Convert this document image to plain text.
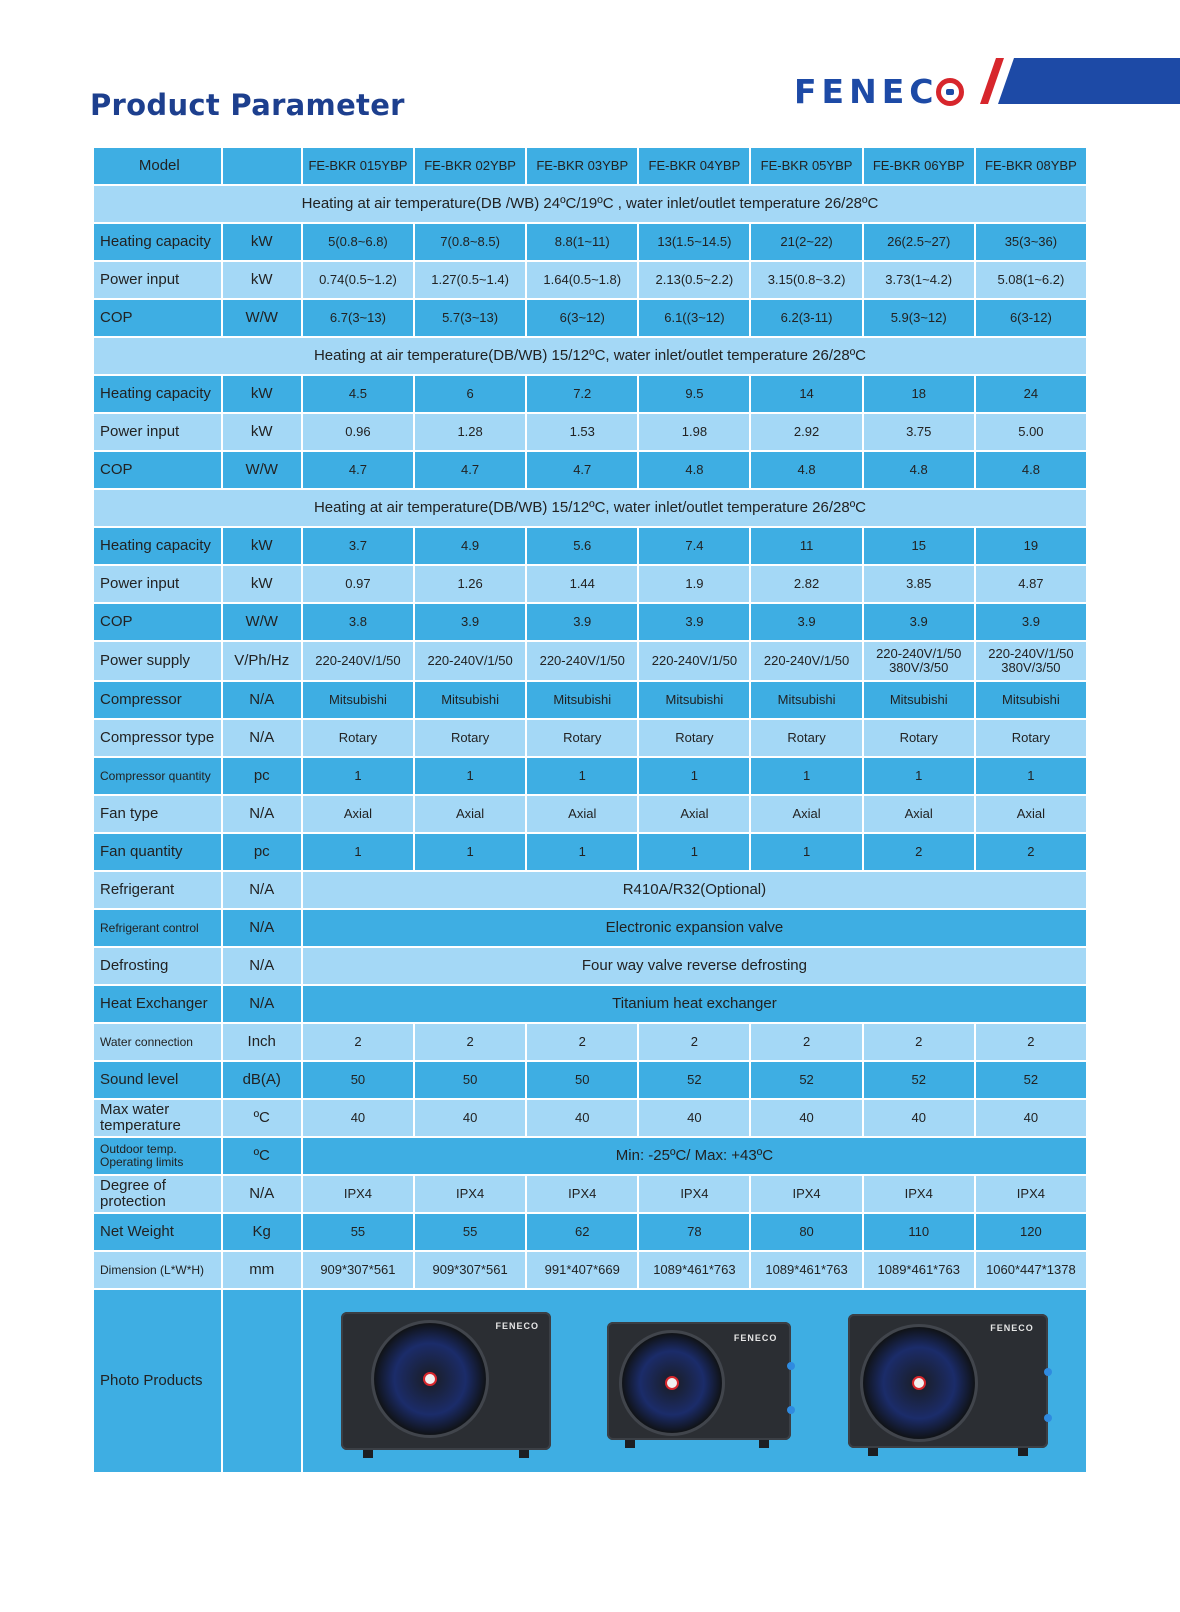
Product Parameter	FENEC
Model		FE-BKR 015YBP	FE-BKR 02YBP	FE-BKR 03YBP	FE-BKR 04YBP	FE-BKR 05YBP	FE-BKR 06YBP	FE-BKR 08YBP
Heating at air temperature(DB /WB) 24ºC/19ºC , water inlet/outlet temperature 26/28ºC								
Heating capacity	kW	5(0.8~6.8)	7(0.8~8.5)	8.8(1~11)	13(1.5~14.5)	21(2~22)	26(2.5~27)	35(3~36)
Power input	kW	0.74(0.5~1.2)	1.27(0.5~1.4)	1.64(0.5~1.8)	2.13(0.5~2.2)	3.15(0.8~3.2)	3.73(1~4.2)	5.08(1~6.2)
COP	W/W	6.7(3~13)	5.7(3~13)	6(3~12)	6.1((3~12)	6.2(3-11)	5.9(3~12)	6(3-12)
Heating at air temperature(DB/WB) 15/12ºC, water inlet/outlet temperature 26/28ºC								
Heating capacity	kW	4.5	6	7.2	9.5	14	18	24
Power input	kW	0.96	1.28	1.53	1.98	2.92	3.75	5.00
COP	W/W	4.7	4.7	4.7	4.8	4.8	4.8	4.8
Heating at air temperature(DB/WB) 15/12ºC, water inlet/outlet temperature 26/28ºC								
Heating capacity	kW	3.7	4.9	5.6	7.4	11	15	19
Power input	kW	0.97	1.26	1.44	1.9	2.82	3.85	4.87
COP	W/W	3.8	3.9	3.9	3.9	3.9	3.9	3.9
Power supply	V/Ph/Hz	220-240V/1/50	220-240V/1/50	220-240V/1/50	220-240V/1/50	220-240V/1/50	220-240V/1/50 380V/3/50	220-240V/1/50 380V/3/50
Compressor	N/A	Mitsubishi	Mitsubishi	Mitsubishi	Mitsubishi	Mitsubishi	Mitsubishi	Mitsubishi
Compressor type	N/A	Rotary	Rotary	Rotary	Rotary	Rotary	Rotary	Rotary
Compressor quantity	pc	1	1	1	1	1	1	1
Fan type	N/A	Axial	Axial	Axial	Axial	Axial	Axial	Axial
Fan quantity	pc	1	1	1	1	1	2	2
Refrigerant	N/A	R410A/R32(Optional)						
Refrigerant control	N/A	Electronic expansion valve						
Defrosting	N/A	Four way valve reverse defrosting						
Heat Exchanger	N/A	Titanium heat exchanger						
Water connection	Inch	2	2	2	2	2	2	2
Sound level	dB(A)	50	50	50	52	52	52	52
Max water temperature	ºC	40	40	40	40	40	40	40
Outdoor temp. Operating limits	ºC	Min: -25ºC/ Max: +43ºC						
Degree of protection	N/A	IPX4	IPX4	IPX4	IPX4	IPX4	IPX4	IPX4
Net Weight	Kg	55	55	62	78	80	110	120
Dimension (L*W*H)	mm	909*307*561	909*307*561	991*407*669	1089*461*763	1089*461*763	1089*461*763	1060*447*1378
Photo Products		FENECO
FENECO
FENECO						
